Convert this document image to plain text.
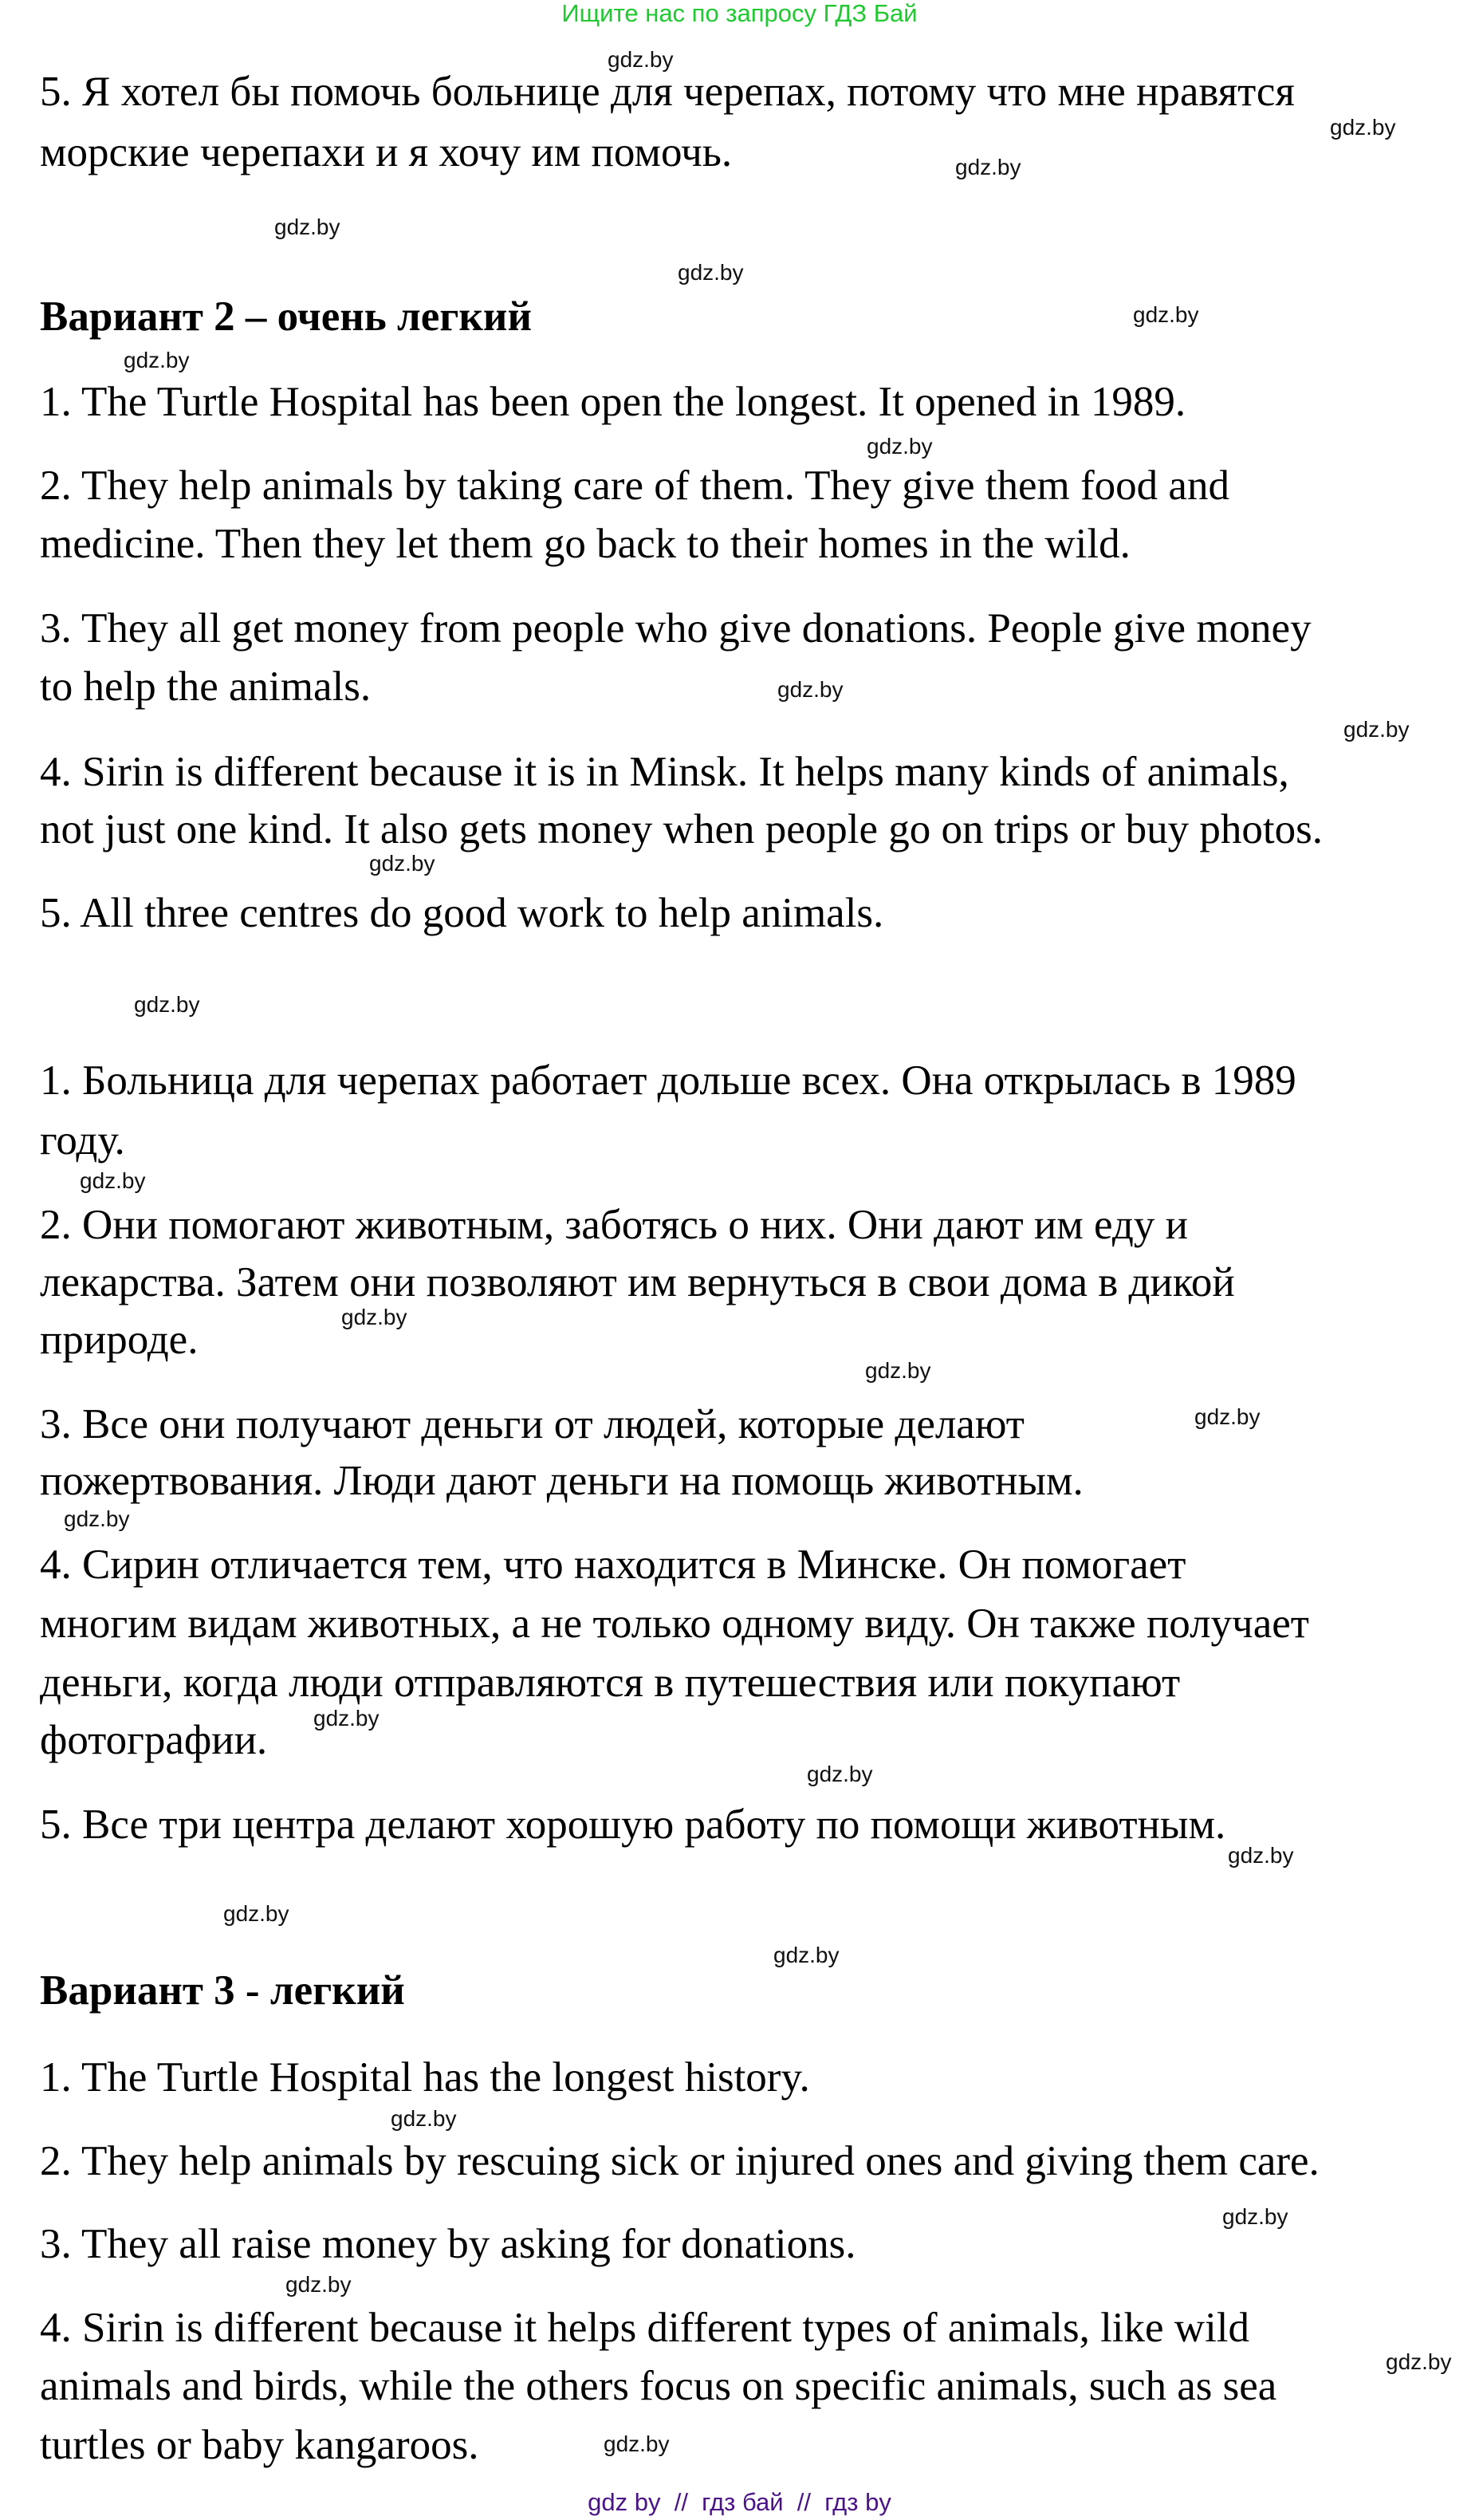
Ищите нас по запросу ГДЗ Бай
5. Я хотел бы помочь больнице для черепах, потому что мне нравятся
морские черепахи и я хочу им помочь.
Вариант 2 – очень легкий
1. The Turtle Hospital has been open the longest. It opened in 1989.
2. They help animals by taking care of them. They give them food and
medicine. Then they let them go back to their homes in the wild.
3. They all get money from people who give donations. People give money
to help the animals.
4. Sirin is different because it is in Minsk. It helps many kinds of animals,
not just one kind. It also gets money when people go on trips or buy photos.
5. All three centres do good work to help animals.
1. Больница для черепах работает дольше всех. Она открылась в 1989
году.
2. Они помогают животным, заботясь о них. Они дают им еду и
лекарства. Затем они позволяют им вернуться в свои дома в дикой
природе.
3. Все они получают деньги от людей, которые делают
пожертвования. Люди дают деньги на помощь животным.
4. Сирин отличается тем, что находится в Минске. Он помогает
многим видам животных, а не только одному виду. Он также получает
деньги, когда люди отправляются в путешествия или покупают
фотографии.
5. Все три центра делают хорошую работу по помощи животным.
Вариант 3 - легкий
1. The Turtle Hospital has the longest history.
2. They help animals by rescuing sick or injured ones and giving them care.
3. They all raise money by asking for donations.
4. Sirin is different because it helps different types of animals, like wild
animals and birds, while the others focus on specific animals, such as sea
turtles or baby kangaroos.
gdz.by
gdz.by
gdz.by
gdz.by
gdz.by
gdz.by
gdz.by
gdz.by
gdz.by
gdz.by
gdz.by
gdz.by
gdz.by
gdz.by
gdz.by
gdz.by
gdz.by
gdz.by
gdz.by
gdz.by
gdz.by
gdz.by
gdz.by
gdz.by
gdz.by
gdz.by
gdz.by
gdz by  //  гдз бай  //  гдз by
